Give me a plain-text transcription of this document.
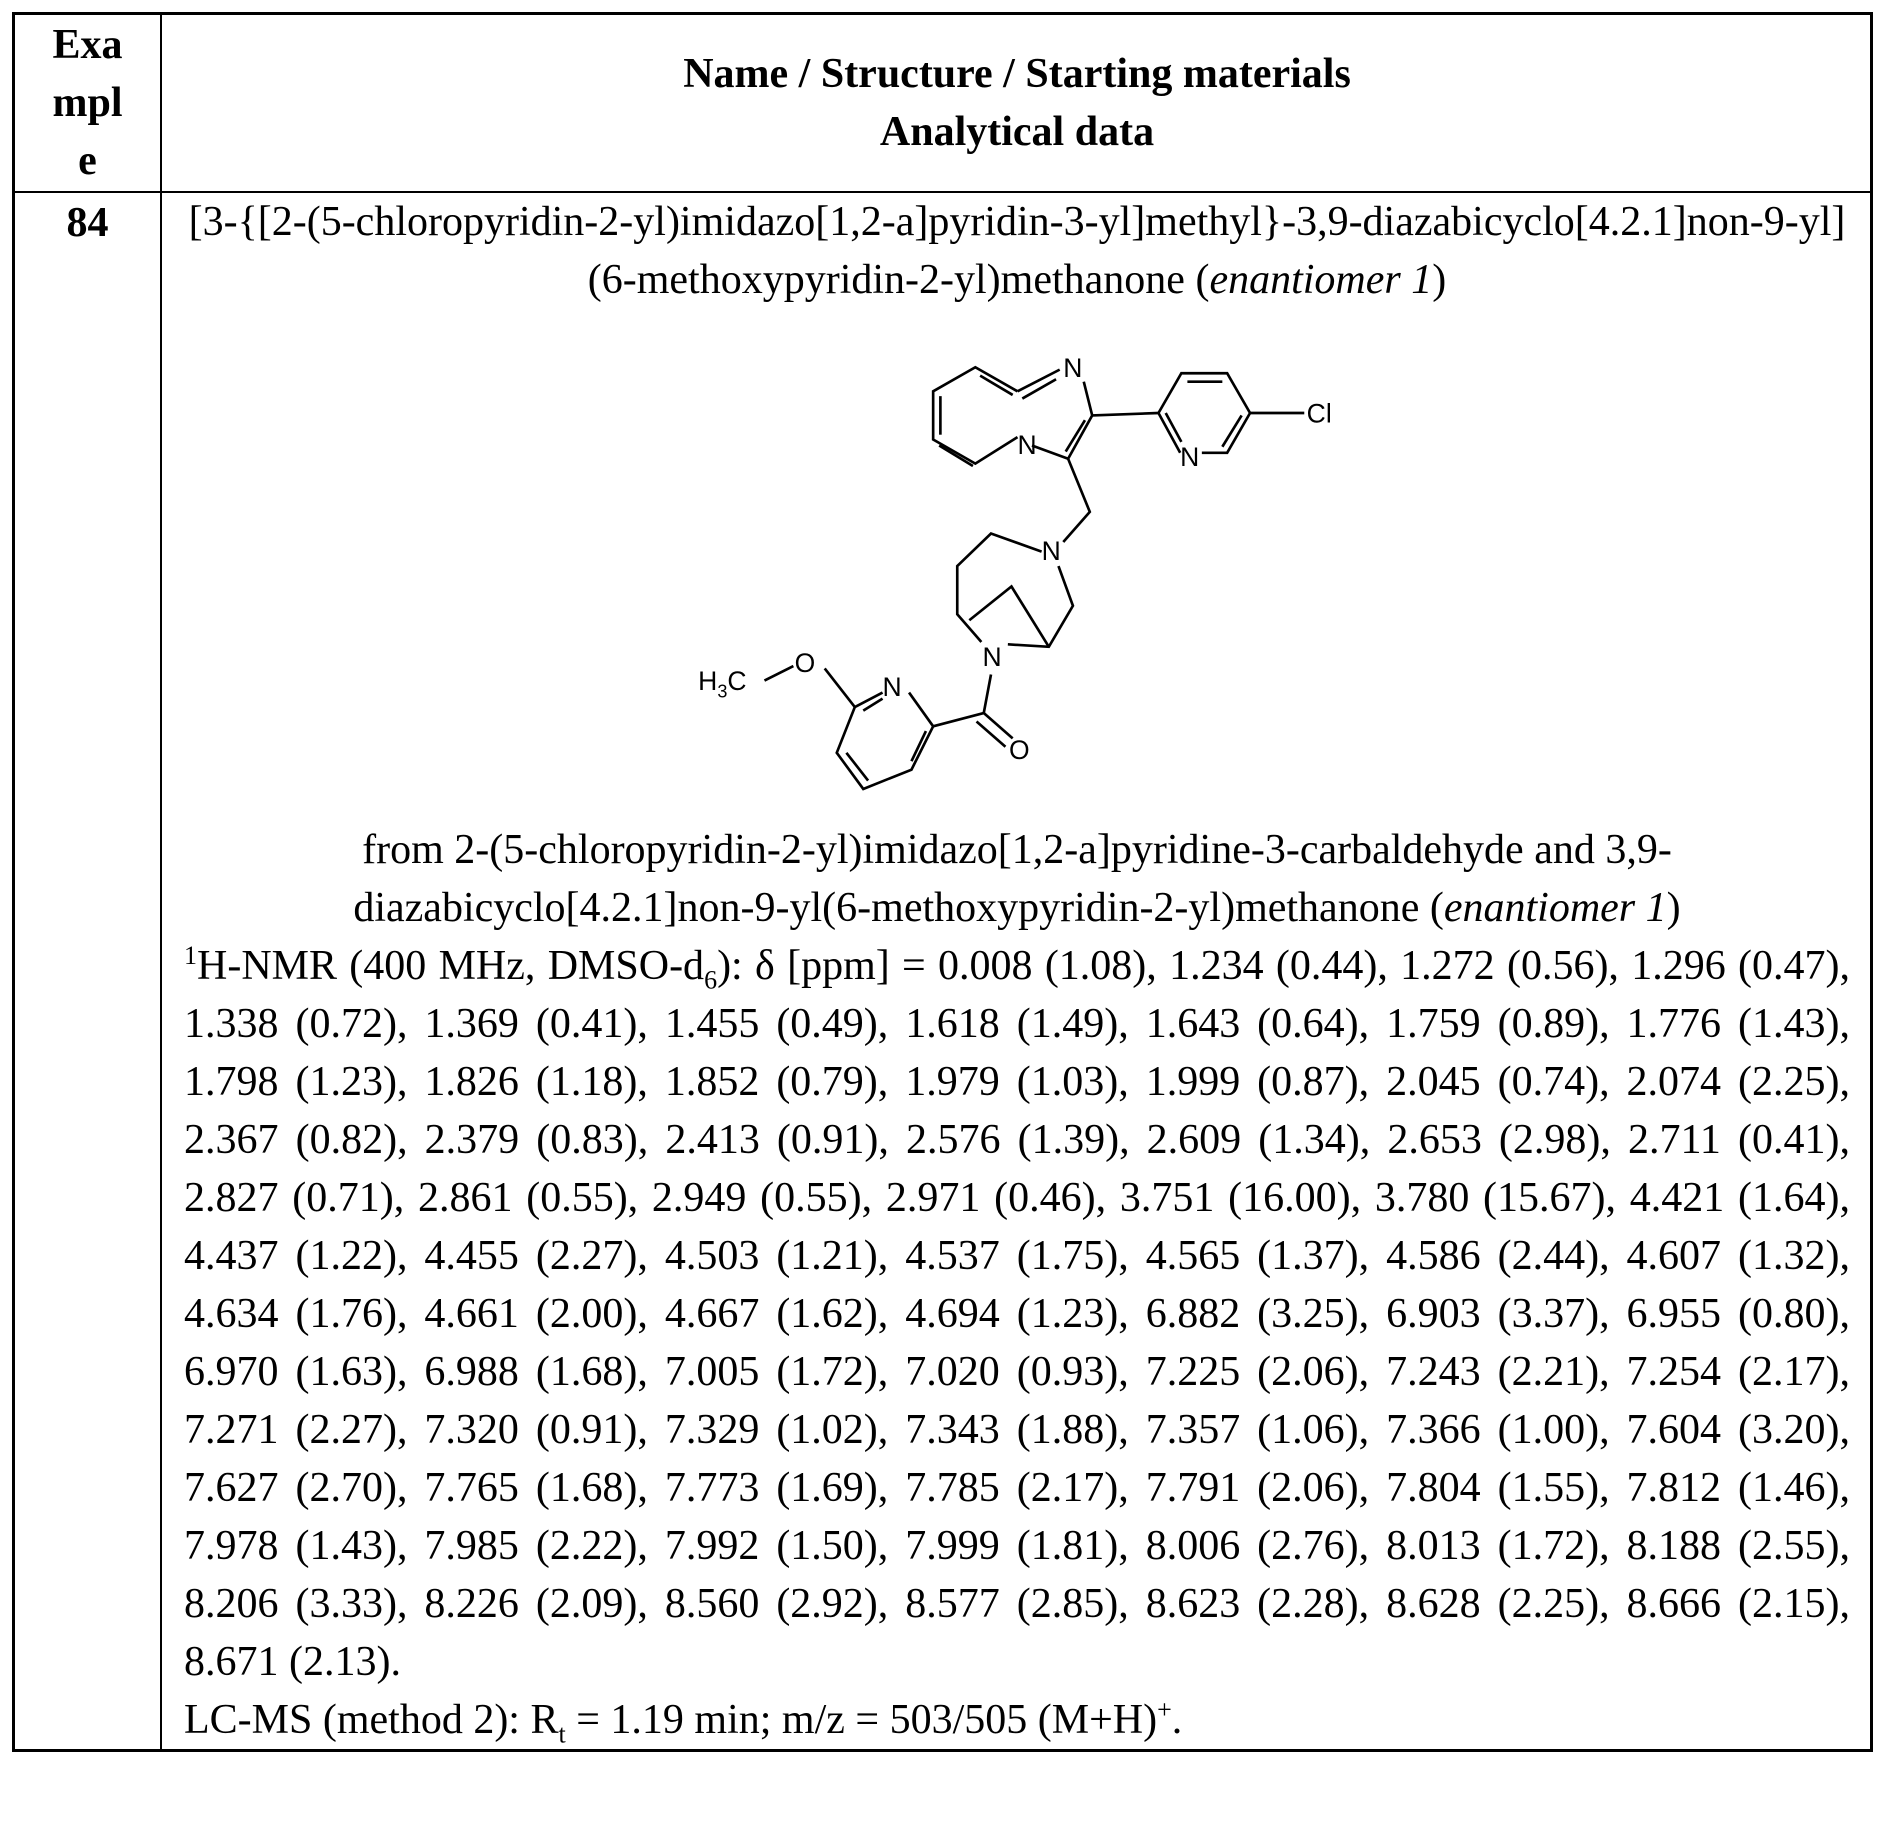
Exa
mpl
e

Name / Structure / Starting materials
Analytical data

84	[3-{[2-(5-chloropyridin-2-yl)imidazo[1,2-a]pyridin-3-yl]methyl}-3,9-diazabicyclo[4.2.1]non-9-yl](6-methoxypyridin-2-yl)methanone (enantiomer 1)
N
N	N
Cl
N
N
O
N
O
H3C
from 2-(5-chloropyridin-2-yl)imidazo[1,2-a]pyridine-3-carbaldehyde and 3,9-diazabicyclo[4.2.1]non-9-yl(6-methoxypyridin-2-yl)methanone (enantiomer 1)
1H-NMR (400 MHz, DMSO-d6): δ [ppm] = 0.008 (1.08), 1.234 (0.44), 1.272 (0.56), 1.296 (0.47), 1.338 (0.72), 1.369 (0.41), 1.455 (0.49), 1.618 (1.49), 1.643 (0.64), 1.759 (0.89), 1.776 (1.43), 1.798 (1.23), 1.826 (1.18), 1.852 (0.79), 1.979 (1.03), 1.999 (0.87), 2.045 (0.74), 2.074 (2.25), 2.367 (0.82), 2.379 (0.83), 2.413 (0.91), 2.576 (1.39), 2.609 (1.34), 2.653 (2.98), 2.711 (0.41), 2.827 (0.71), 2.861 (0.55), 2.949 (0.55), 2.971 (0.46), 3.751 (16.00), 3.780 (15.67), 4.421 (1.64), 4.437 (1.22), 4.455 (2.27), 4.503 (1.21), 4.537 (1.75), 4.565 (1.37), 4.586 (2.44), 4.607 (1.32), 4.634 (1.76), 4.661 (2.00), 4.667 (1.62), 4.694 (1.23), 6.882 (3.25), 6.903 (3.37), 6.955 (0.80), 6.970 (1.63), 6.988 (1.68), 7.005 (1.72), 7.020 (0.93), 7.225 (2.06), 7.243 (2.21), 7.254 (2.17), 7.271 (2.27), 7.320 (0.91), 7.329 (1.02), 7.343 (1.88), 7.357 (1.06), 7.366 (1.00), 7.604 (3.20), 7.627 (2.70), 7.765 (1.68), 7.773 (1.69), 7.785 (2.17), 7.791 (2.06), 7.804 (1.55), 7.812 (1.46), 7.978 (1.43), 7.985 (2.22), 7.992 (1.50), 7.999 (1.81), 8.006 (2.76), 8.013 (1.72), 8.188 (2.55), 8.206 (3.33), 8.226 (2.09), 8.560 (2.92), 8.577 (2.85), 8.623 (2.28), 8.628 (2.25), 8.666 (2.15), 8.671 (2.13).
LC-MS (method 2): Rt = 1.19 min; m/z = 503/505 (M+H)+.
